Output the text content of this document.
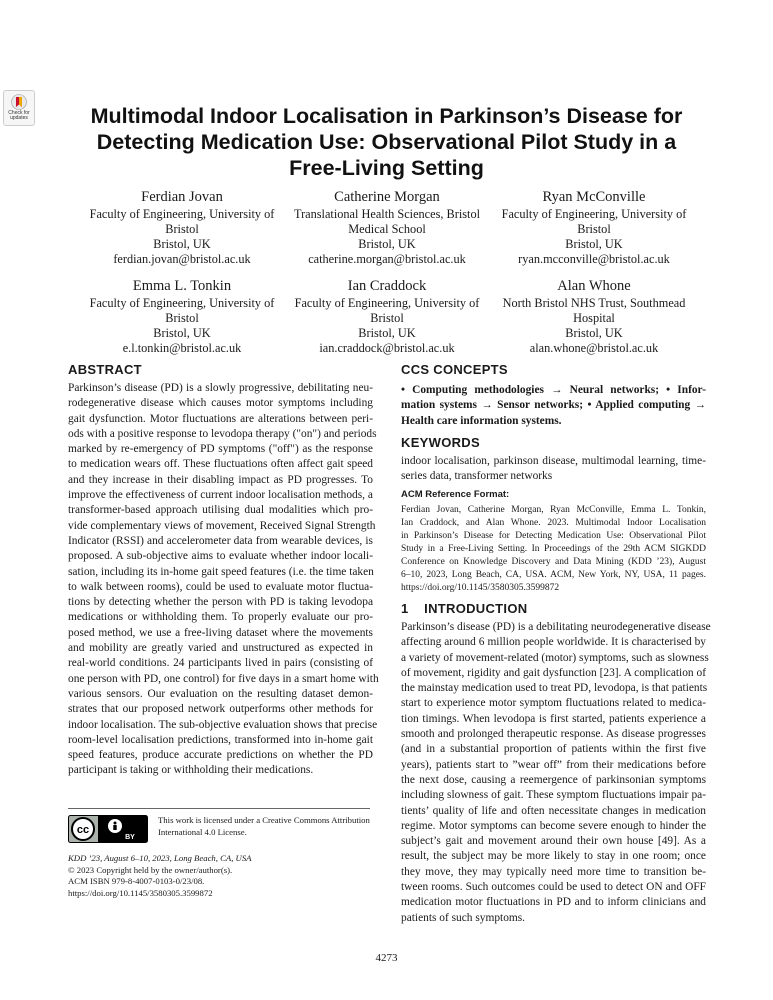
Check for
updates	Multimodal Indoor Localisation in Parkinson’s Disease for
Detecting Medication Use: Observational Pilot Study in a
Free-Living Setting
Ferdian Jovan
Faculty of Engineering, University of
Bristol
Bristol, UK
ferdian.jovan@bristol.ac.uk
Catherine Morgan
Translational Health Sciences, Bristol
Medical School
Bristol, UK
catherine.morgan@bristol.ac.uk
Ryan McConville
Faculty of Engineering, University of
Bristol
Bristol, UK
ryan.mcconville@bristol.ac.uk
Emma L. Tonkin
Faculty of Engineering, University of
Bristol
Bristol, UK
e.l.tonkin@bristol.ac.uk
Ian Craddock
Faculty of Engineering, University of
Bristol
Bristol, UK
ian.craddock@bristol.ac.uk
Alan Whone
North Bristol NHS Trust, Southmead
Hospital
Bristol, UK
alan.whone@bristol.ac.uk
ABSTRACT
Parkinson’s disease (PD) is a slowly progressive, debilitating neu-
rodegenerative disease which causes motor symptoms including
gait dysfunction. Motor fluctuations are alterations between peri-
ods with a positive response to levodopa therapy ("on") and periods
marked by re-emergency of PD symptoms ("off") as the response
to medication wears off. These fluctuations often affect gait speed
and they increase in their disabling impact as PD progresses. To
improve the effectiveness of current indoor localisation methods, a
transformer-based approach utilising dual modalities which pro-
vide complementary views of movement, Received Signal Strength
Indicator (RSSI) and accelerometer data from wearable devices, is
proposed. A sub-objective aims to evaluate whether indoor locali-
sation, including its in-home gait speed features (i.e. the time taken
to walk between rooms), could be used to evaluate motor fluctua-
tions by detecting whether the person with PD is taking levodopa
medications or withholding them. To properly evaluate our pro-
posed method, we use a free-living dataset where the movements
and mobility are greatly varied and unstructured as expected in
real-world conditions. 24 participants lived in pairs (consisting of
one person with PD, one control) for five days in a smart home with
various sensors. Our evaluation on the resulting dataset demon-
strates that our proposed network outperforms other methods for
indoor localisation. The sub-objective evaluation shows that precise
room-level localisation predictions, transformed into in-home gait
speed features, produce accurate predictions on whether the PD
participant is taking or withholding their medications.
cc
BY
This work is licensed under a Creative Commons Attribution
International 4.0 License.
KDD ’23, August 6–10, 2023, Long Beach, CA, USA
© 2023 Copyright held by the owner/author(s).
ACM ISBN 979-8-4007-0103-0/23/08.
https://doi.org/10.1145/3580305.3599872
CCS CONCEPTS
• Computing methodologies → Neural networks; • Infor-
mation systems → Sensor networks; • Applied computing →
Health care information systems.
KEYWORDS
indoor localisation, parkinson disease, multimodal learning, time-
series data, transformer networks
ACM Reference Format:
Ferdian Jovan, Catherine Morgan, Ryan McConville, Emma L. Tonkin,
Ian Craddock, and Alan Whone. 2023. Multimodal Indoor Localisation
in Parkinson’s Disease for Detecting Medication Use: Observational Pilot
Study in a Free-Living Setting. In Proceedings of the 29th ACM SIGKDD
Conference on Knowledge Discovery and Data Mining (KDD ’23), August
6–10, 2023, Long Beach, CA, USA. ACM, New York, NY, USA, 11 pages.
https://doi.org/10.1145/3580305.3599872
1    INTRODUCTION
Parkinson’s disease (PD) is a debilitating neurodegenerative disease
affecting around 6 million people worldwide. It is characterised by
a variety of movement-related (motor) symptoms, such as slowness
of movement, rigidity and gait dysfunction [23]. A complication of
the mainstay medication used to treat PD, levodopa, is that patients
start to experience motor symptom fluctuations related to medica-
tion timings. When levodopa is first started, patients experience a
smooth and prolonged therapeutic response. As disease progresses
(and in a substantial proportion of patients within the first five
years), patients start to ”wear off” from their medications before
the next dose, causing a reemergence of parkinsonian symptoms
including slowness of gait. These symptom fluctuations impair pa-
tients’ quality of life and often necessitate changes in medication
regime. Motor symptoms can become severe enough to hinder the
subject’s gait and movement around their own house [49]. As a
result, the subject may be more likely to stay in one room; once
they move, they may typically need more time to transition be-
tween rooms. Such outcomes could be used to detect ON and OFF
medication motor fluctuations in PD and to inform clinicians and
patients of such symptoms.
4273
